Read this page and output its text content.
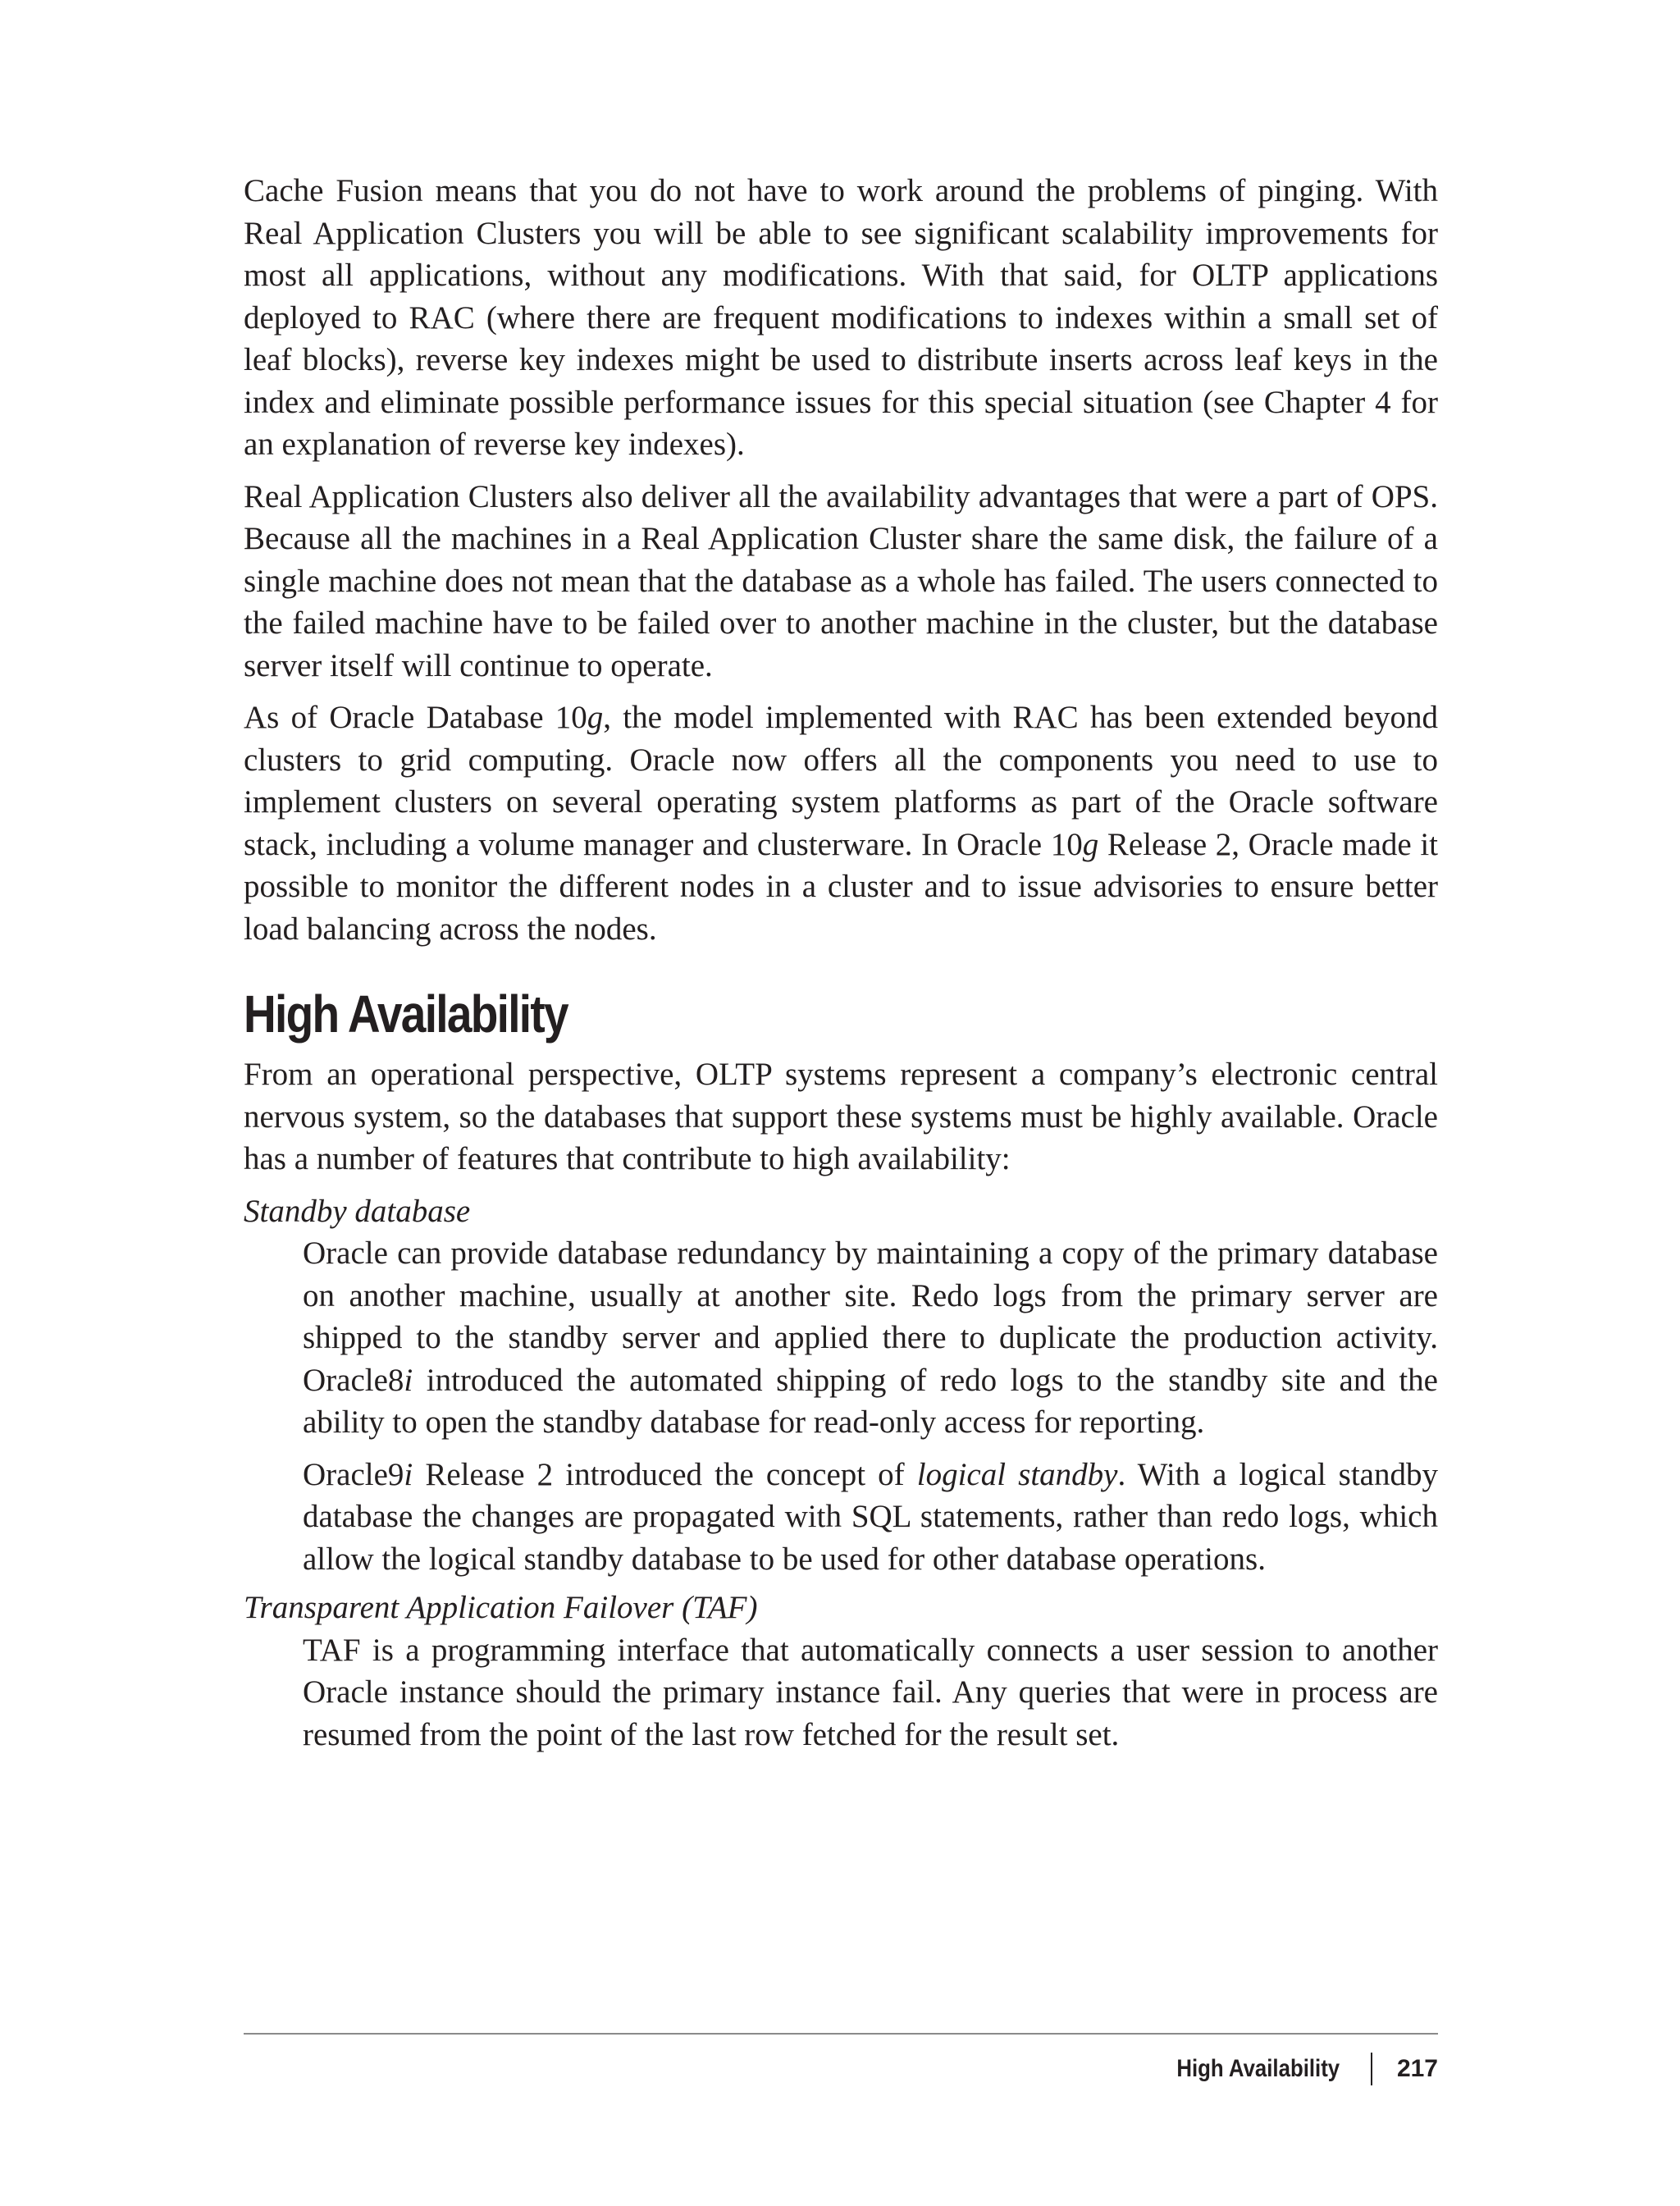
Cache Fusion means that you do not have to work around the problems of pinging. With Real Application Clusters you will be able to see significant scalability improvements for most all applications, without any modifications. With that said, for OLTP applications deployed to RAC (where there are frequent modifications to indexes within a small set of leaf blocks), reverse key indexes might be used to distribute inserts across leaf keys in the index and eliminate possible performance issues for this special situation (see Chapter 4 for an explanation of reverse key indexes).

Real Application Clusters also deliver all the availability advantages that were a part of OPS. Because all the machines in a Real Application Cluster share the same disk, the failure of a single machine does not mean that the database as a whole has failed. The users connected to the failed machine have to be failed over to another machine in the cluster, but the database server itself will continue to operate.

As of Oracle Database 10g, the model implemented with RAC has been extended beyond clusters to grid computing. Oracle now offers all the components you need to use to implement clusters on several operating system platforms as part of the Oracle software stack, including a volume manager and clusterware. In Oracle 10g Release 2, Oracle made it possible to monitor the different nodes in a cluster and to issue advisories to ensure better load balancing across the nodes.

High Availability

From an operational perspective, OLTP systems represent a company’s electronic central nervous system, so the databases that support these systems must be highly available. Oracle has a number of features that contribute to high availability:

Standby database

Oracle can provide database redundancy by maintaining a copy of the primary database on another machine, usually at another site. Redo logs from the primary server are shipped to the standby server and applied there to duplicate the production activity. Oracle8i introduced the automated shipping of redo logs to the standby site and the ability to open the standby database for read-only access for reporting.

Oracle9i Release 2 introduced the concept of logical standby. With a logical standby database the changes are propagated with SQL statements, rather than redo logs, which allow the logical standby database to be used for other database operations.

Transparent Application Failover (TAF)

TAF is a programming interface that automatically connects a user session to another Oracle instance should the primary instance fail. Any queries that were in process are resumed from the point of the last row fetched for the result set.

High Availability 217
